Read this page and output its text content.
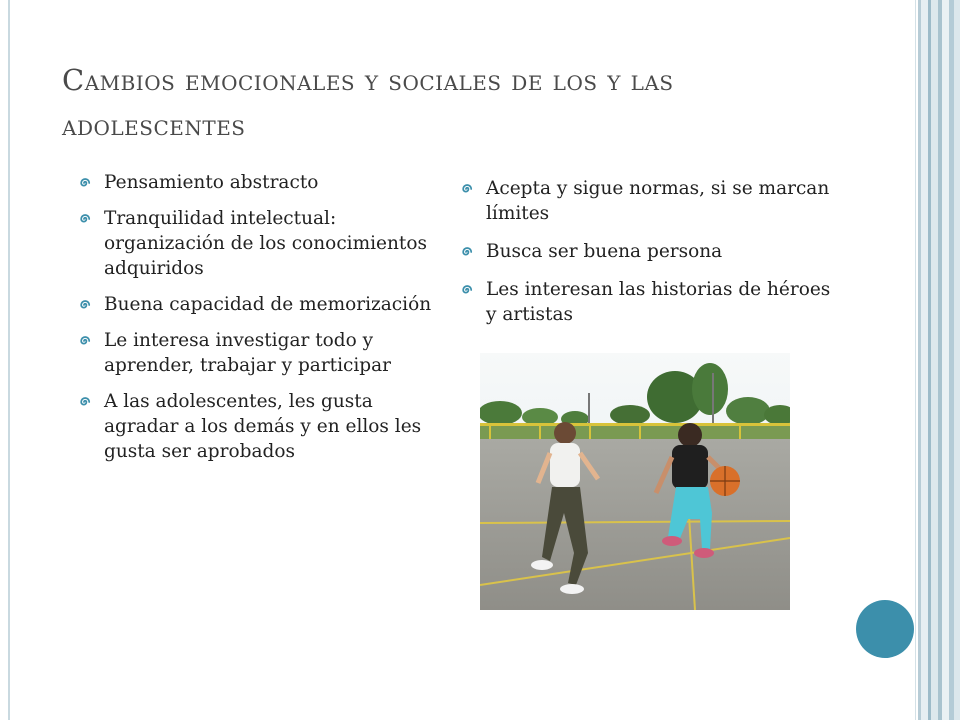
Cambios emocionales y sociales de los y las adolescentes
Pensamiento abstracto
Tranquilidad intelectual: organización de los conocimientos adquiridos
Buena capacidad de memorización
Le interesa investigar todo y aprender, trabajar y participar
A las adolescentes, les gusta agradar a los demás y en ellos les gusta ser aprobados
Acepta y sigue normas, si se marcan límites
Busca ser buena persona
Les interesan las historias de héroes y artistas
